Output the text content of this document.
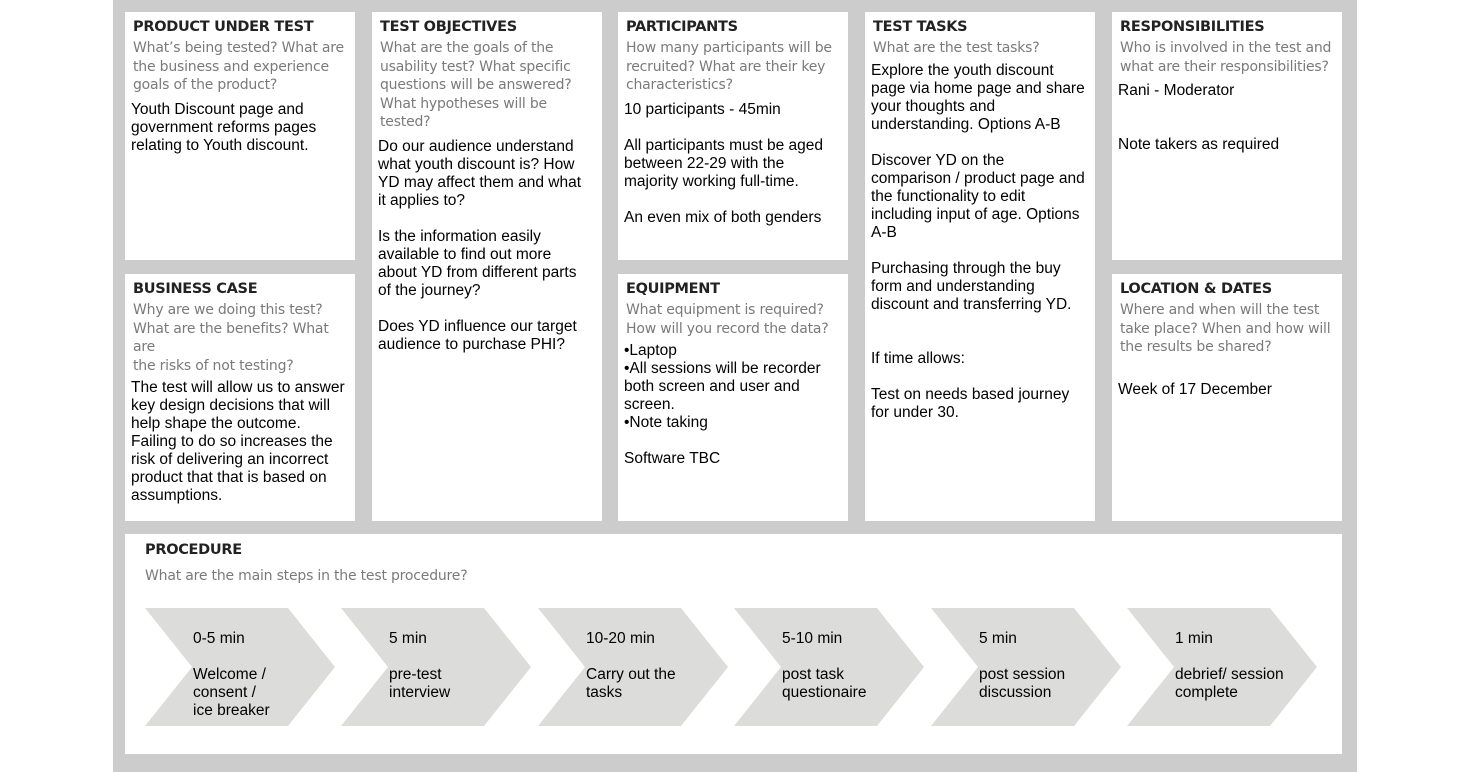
PRODUCT UNDER TEST
What’s being tested? What are
the business and experience
goals of the product?
Youth Discount page and
government reforms pages
relating to Youth discount.
TEST OBJECTIVES
What are the goals of the
usability test? What specific
questions will be answered?
What hypotheses will be tested?
Do our audience understand
what youth discount is? How
YD may affect them and what
it applies to?

Is the information easily
available to find out more
about YD from different parts
of the journey?

Does YD influence our target
audience to purchase PHI?
PARTICIPANTS
How many participants will be
recruited? What are their key
characteristics?
10 participants - 45min

All participants must be aged
between 22-29 with the
majority working full-time.

An even mix of both genders
TEST TASKS
What are the test tasks?
Explore the youth discount
page via home page and share
your thoughts and
understanding. Options A-B

Discover YD on the
comparison / product page and
the functionality to edit
including input of age. Options
A-B

Purchasing through the buy
form and understanding
discount and transferring YD.

If time allows:

Test on needs based journey
for under 30.
RESPONSIBILITIES
Who is involved in the test and
what are their responsibilities?
Rani - Moderator

Note takers as required
BUSINESS CASE
Why are we doing this test?
What are the benefits? What are
the risks of not testing?
The test will allow us to answer
key design decisions that will
help shape the outcome.
Failing to do so increases the
risk of delivering an incorrect
product that that is based on
assumptions.
EQUIPMENT
What equipment is required?
How will you record the data?
•Laptop
•All sessions will be recorder
both screen and user and
screen.
•Note taking

Software TBC
LOCATION & DATES
Where and when will the test
take place? When and how will
the results be shared?

Week of 17 December
PROCEDURE
What are the main steps in the test procedure?
0-5 min
Welcome /
consent /
ice breaker
5 min
pre-test
interview
10-20 min
Carry out the
tasks
5-10 min
post task
questionaire
5 min
post session
discussion
1 min
debrief/ session
complete
